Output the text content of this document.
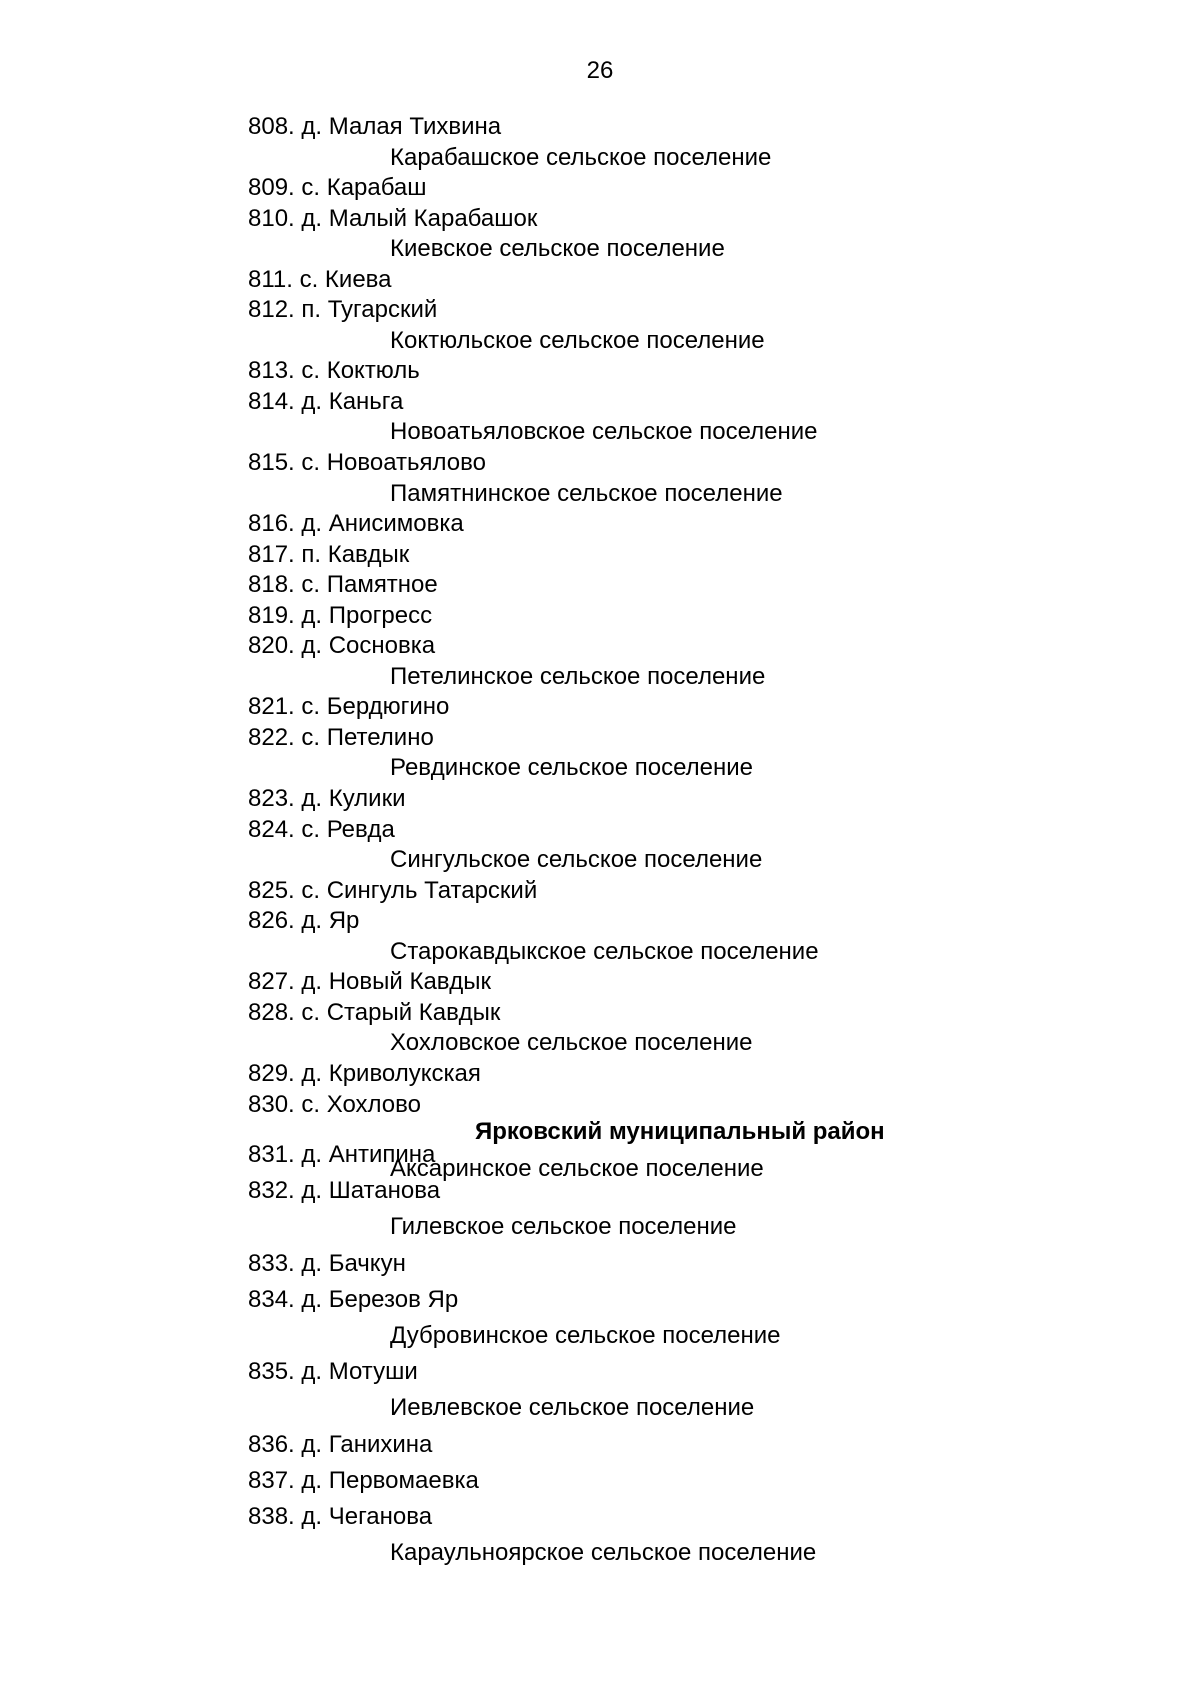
26
808. д. Малая Тихвина
Карабашское сельское поселение
809. с. Карабаш
810. д. Малый Карабашок
Киевское сельское поселение
811. с. Киева
812. п. Тугарский
Коктюльское сельское поселение
813. с. Коктюль
814. д. Каньга
Новоатьяловское сельское поселение
815. с. Новоатьялово
Памятнинское сельское поселение
816. д. Анисимовка
817. п. Кавдык
818. с. Памятное
819. д. Прогресс
820. д. Сосновка
Петелинское сельское поселение
821. с. Бердюгино
822. с. Петелино
Ревдинское сельское поселение
823. д. Кулики
824. с. Ревда
Сингульское сельское поселение
825. с. Сингуль Татарский
826. д. Яр
Старокавдыкское сельское поселение
827. д. Новый Кавдык
828. с. Старый Кавдык
Хохловское сельское поселение
829. д. Криволукская
830. с. Хохлово
Ярковский муниципальный район
Аксаринское сельское поселение
831. д. Антипина
832. д. Шатанова
Гилевское сельское поселение
833. д. Бачкун
834. д. Березов Яр
Дубровинское сельское поселение
835. д. Мотуши
Иевлевское сельское поселение
836. д. Ганихина
837. д. Первомаевка
838. д. Чеганова
Караульноярское сельское поселение
